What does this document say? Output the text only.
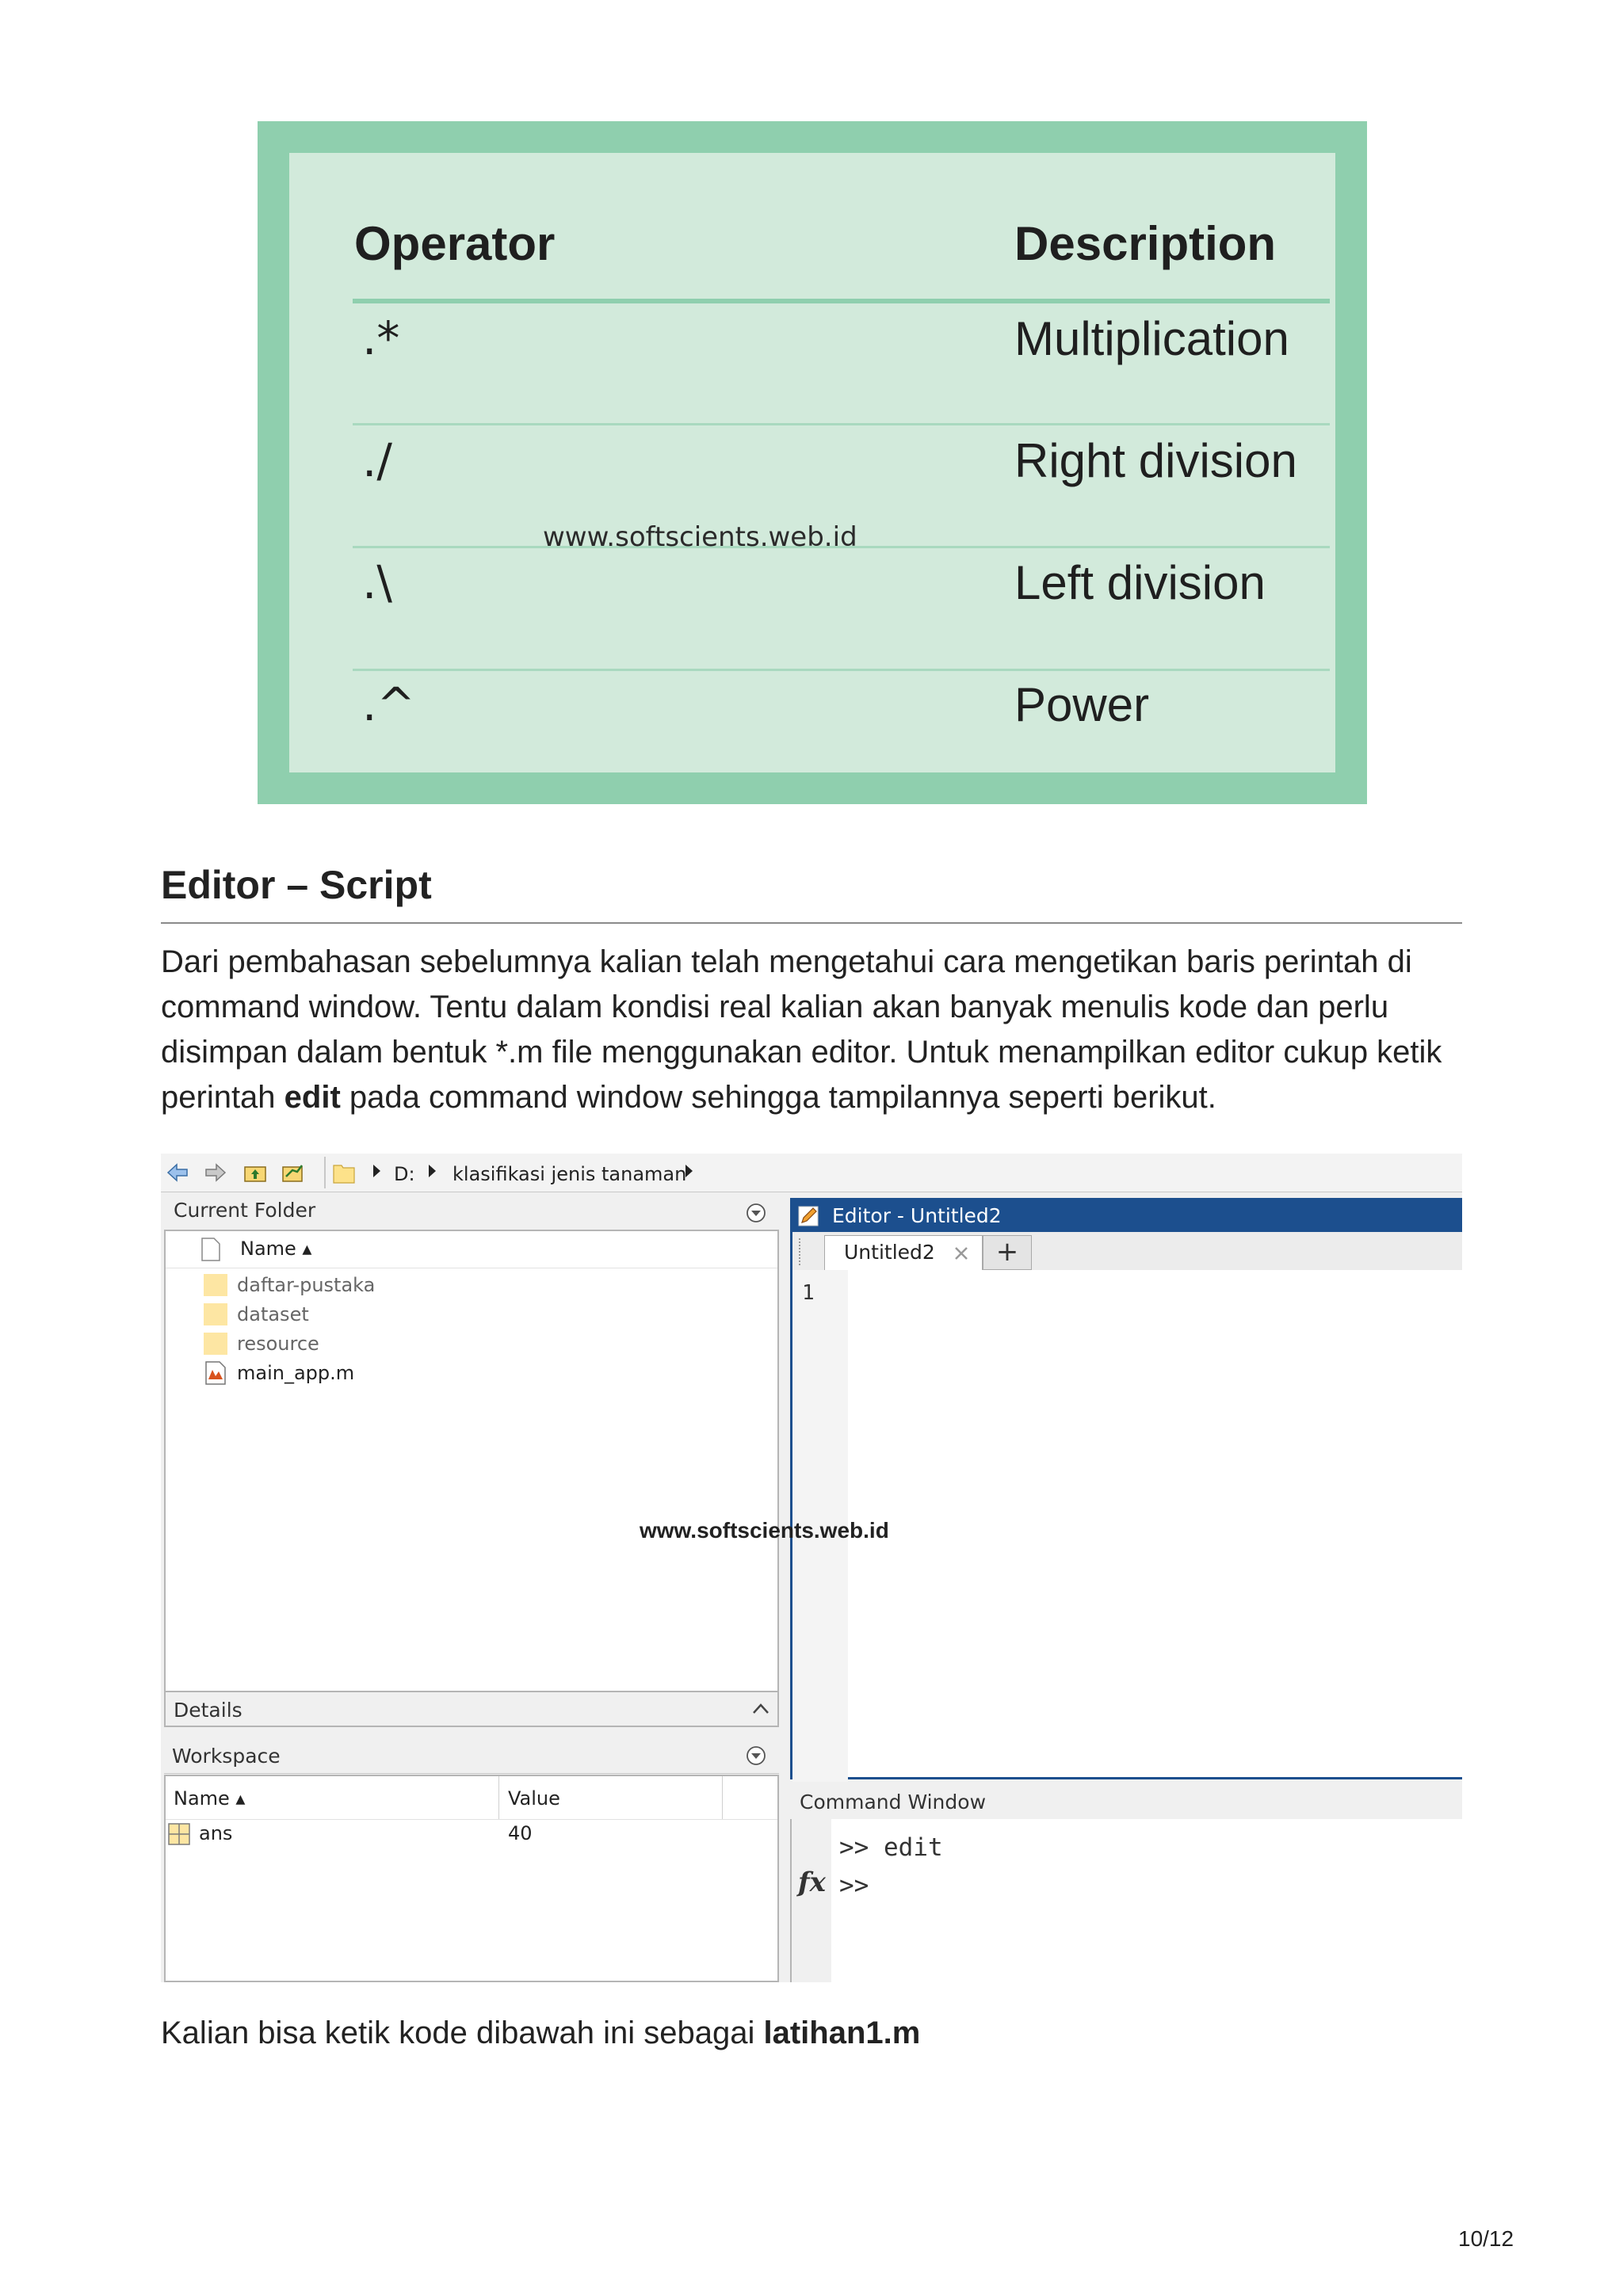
Operator	Description
.*	Multiplication
./	Right division
.\	Left division
.^	Power
www.softscients.web.id
Editor – Script
Dari pembahasan sebelumnya kalian telah mengetahui cara mengetikan baris perintah di command window. Tentu dalam kondisi real kalian akan banyak menulis kode dan perlu disimpan dalam bentuk *.m file menggunakan editor. Untuk menampilkan editor cukup ketik perintah edit pada command window sehingga tampilannya seperti berikut.
D: klasifikasi jenis tanaman
Current Folder
Name ▴
daftar-pustaka
dataset
resource
main_app.m
Details
Workspace
Name ▴	Value
ans	40
Editor - Untitled2
Untitled2	+
1
Command Window
>> edit
fx >>
www.softscients.web.id
Kalian bisa ketik kode dibawah ini sebagai latihan1.m
10/12
